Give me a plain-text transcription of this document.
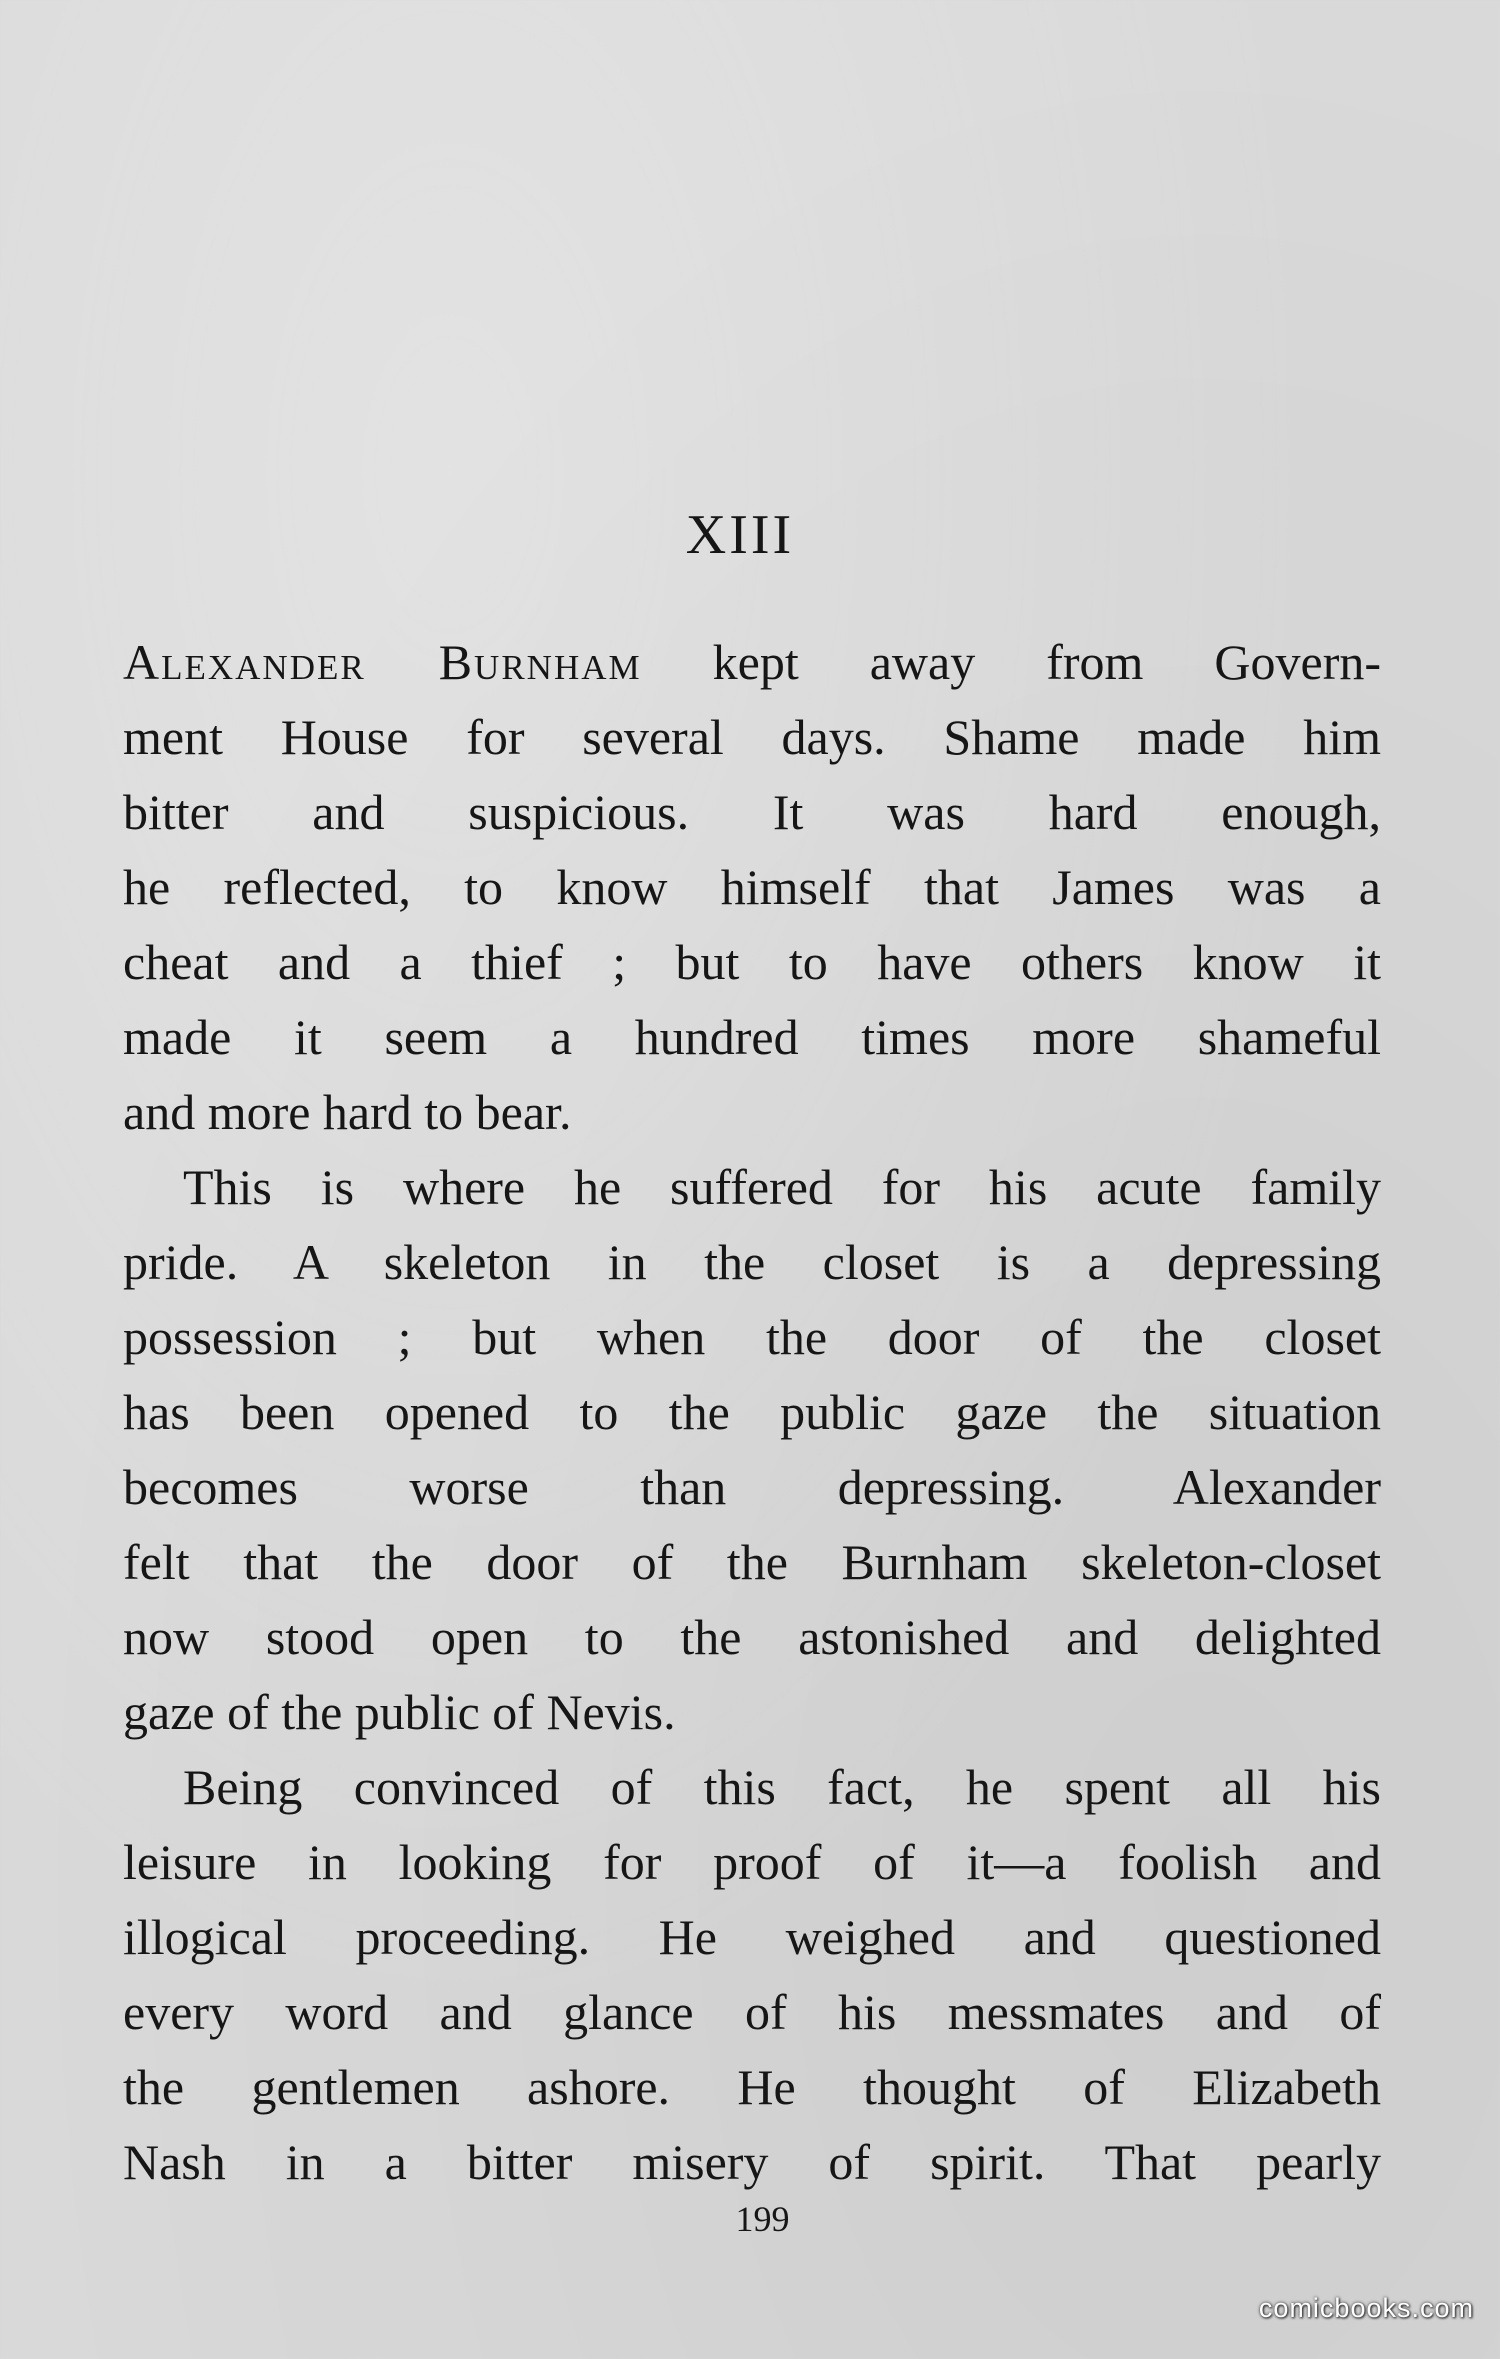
XIII
Alexander Burnham kept away from Govern-
ment House for several days. Shame made him
bitter and suspicious. It was hard enough,
he reflected, to know himself that James was a
cheat and a thief ; but to have others know it
made it seem a hundred times more shameful
and more hard to bear.
This is where he suffered for his acute family
pride. A skeleton in the closet is a depressing
possession ; but when the door of the closet
has been opened to the public gaze the situation
becomes worse than depressing. Alexander
felt that the door of the Burnham skeleton-closet
now stood open to the astonished and delighted
gaze of the public of Nevis.
Being convinced of this fact, he spent all his
leisure in looking for proof of it—a foolish and
illogical proceeding. He weighed and questioned
every word and glance of his messmates and of
the gentlemen ashore. He thought of Elizabeth
Nash in a bitter misery of spirit. That pearly
199
comicbooks.com
